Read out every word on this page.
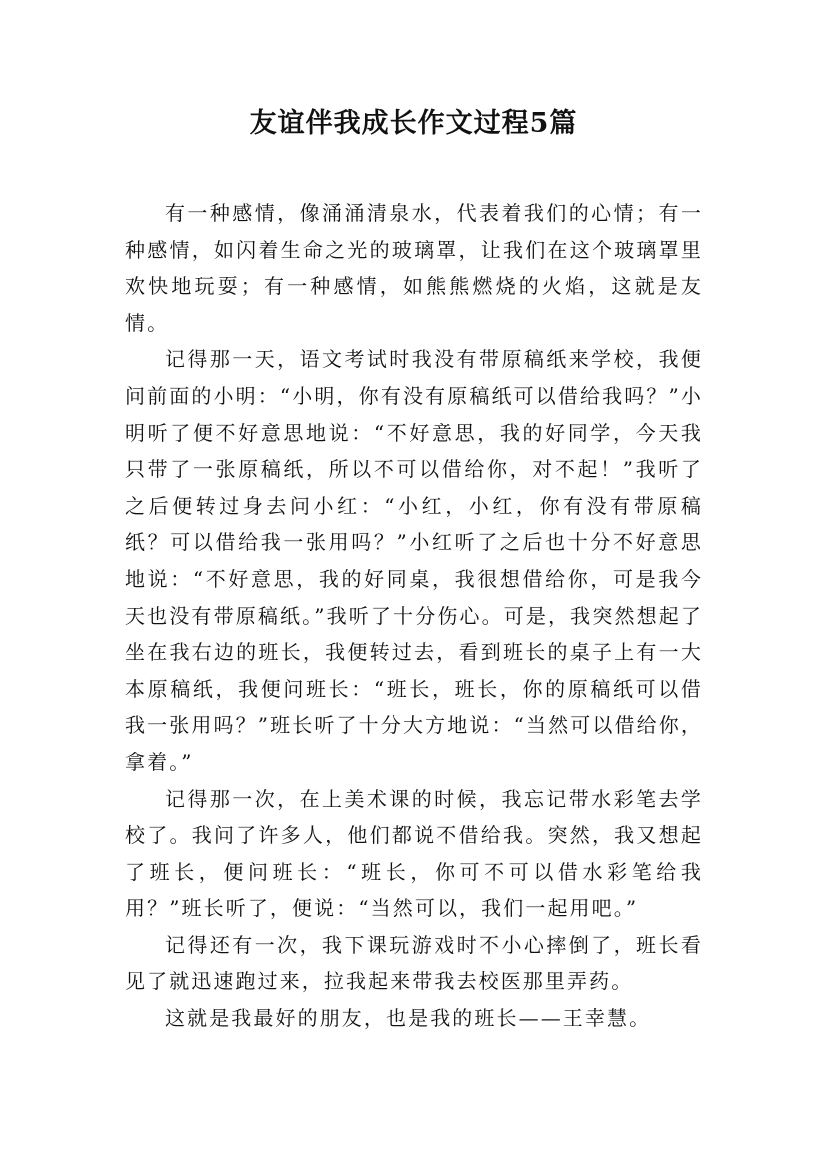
友谊伴我成长作文过程5篇

有一种感情，像涌涌清泉水，代表着我们的心情；有一种感情，如闪着生命之光的玻璃罩，让我们在这个玻璃罩里欢快地玩耍；有一种感情，如熊熊燃烧的火焰，这就是友情。

记得那一天，语文考试时我没有带原稿纸来学校，我便问前面的小明：“小明，你有没有原稿纸可以借给我吗？”小明听了便不好意思地说：“不好意思，我的好同学，今天我只带了一张原稿纸，所以不可以借给你，对不起！”我听了之后便转过身去问小红：“小红，小红，你有没有带原稿纸？可以借给我一张用吗？”小红听了之后也十分不好意思地说：“不好意思，我的好同桌，我很想借给你，可是我今天也没有带原稿纸。”我听了十分伤心。可是，我突然想起了坐在我右边的班长，我便转过去，看到班长的桌子上有一大本原稿纸，我便问班长：“班长，班长，你的原稿纸可以借我一张用吗？”班长听了十分大方地说：“当然可以借给你，拿着。”

记得那一次，在上美术课的时候，我忘记带水彩笔去学校了。我问了许多人，他们都说不借给我。突然，我又想起了班长，便问班长：“班长，你可不可以借水彩笔给我用？”班长听了，便说：“当然可以，我们一起用吧。”

记得还有一次，我下课玩游戏时不小心摔倒了，班长看见了就迅速跑过来，拉我起来带我去校医那里弄药。

这就是我最好的朋友，也是我的班长——王幸慧。
